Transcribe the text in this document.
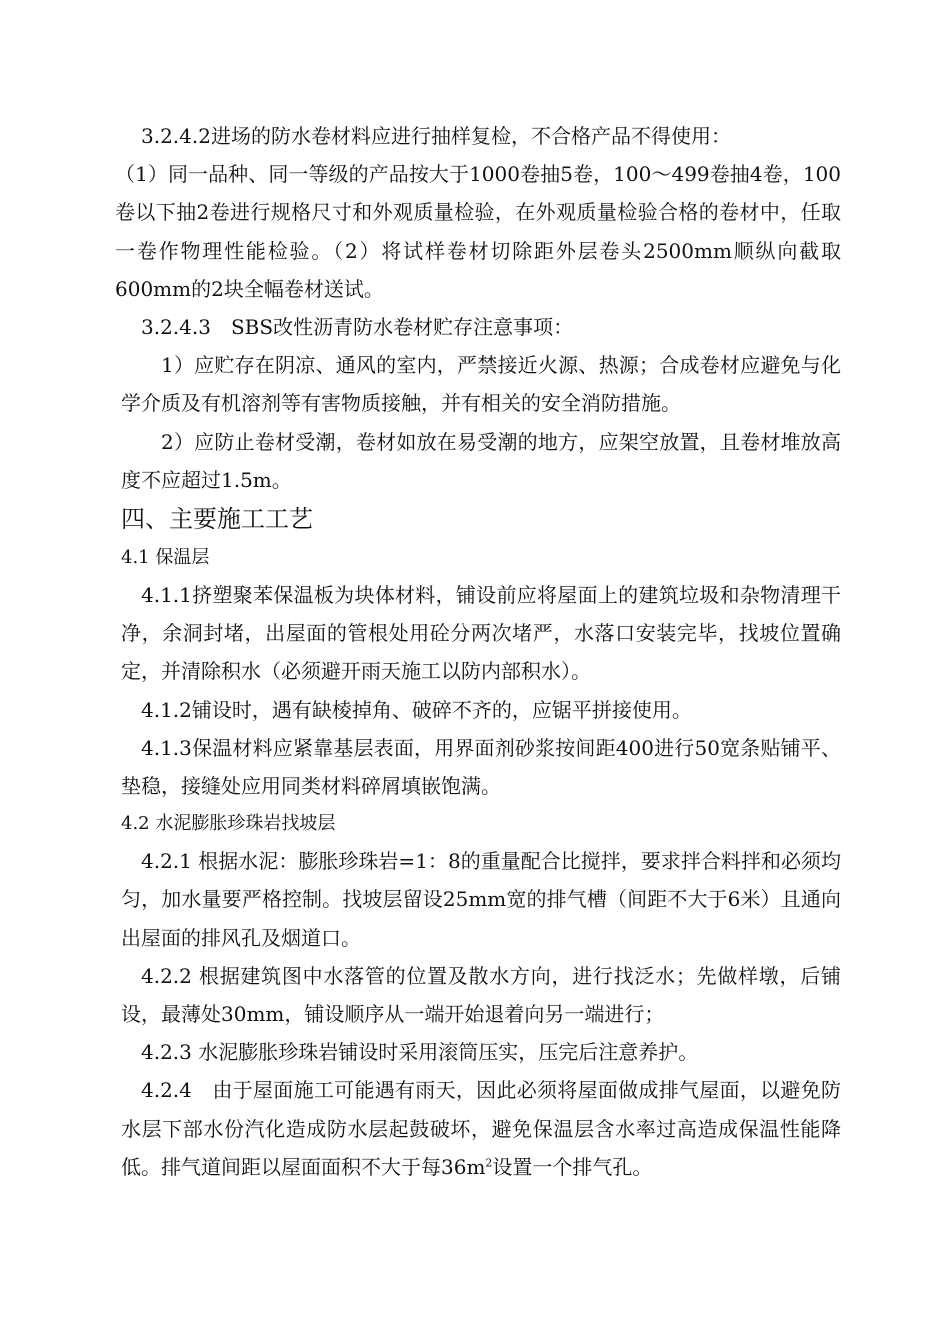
3.2.4.2进场的防水卷材料应进行抽样复检，不合格产品不得使用：

（1）同一品种、同一等级的产品按大于1000卷抽5卷，100～499卷抽4卷，100卷以下抽2卷进行规格尺寸和外观质量检验，在外观质量检验合格的卷材中，任取一卷作物理性能检验。（2）将试样卷材切除距外层卷头2500mm顺纵向截取600mm的2块全幅卷材送试。

3.2.4.3　SBS改性沥青防水卷材贮存注意事项：

1）应贮存在阴凉、通风的室内，严禁接近火源、热源；合成卷材应避免与化学介质及有机溶剂等有害物质接触，并有相关的安全消防措施。

2）应防止卷材受潮，卷材如放在易受潮的地方，应架空放置，且卷材堆放高度不应超过1.5m。

四、主要施工工艺

4.1 保温层

4.1.1挤塑聚苯保温板为块体材料，铺设前应将屋面上的建筑垃圾和杂物清理干净，余洞封堵，出屋面的管根处用砼分两次堵严，水落口安装完毕，找坡位置确定，并清除积水（必须避开雨天施工以防内部积水）。

4.1.2铺设时，遇有缺棱掉角、破碎不齐的，应锯平拼接使用。

4.1.3保温材料应紧靠基层表面，用界面剂砂浆按间距400进行50宽条贴铺平、垫稳，接缝处应用同类材料碎屑填嵌饱满。

4.2 水泥膨胀珍珠岩找坡层

4.2.1 根据水泥：膨胀珍珠岩=1：8的重量配合比搅拌，要求拌合料拌和必须均匀，加水量要严格控制。找坡层留设25mm宽的排气槽（间距不大于6米）且通向出屋面的排风孔及烟道口。

4.2.2 根据建筑图中水落管的位置及散水方向，进行找泛水；先做样墩，后铺设，最薄处30mm，铺设顺序从一端开始退着向另一端进行；

4.2.3 水泥膨胀珍珠岩铺设时采用滚筒压实，压完后注意养护。

4.2.4　由于屋面施工可能遇有雨天，因此必须将屋面做成排气屋面，以避免防水层下部水份汽化造成防水层起鼓破坏，避免保温层含水率过高造成保温性能降低。排气道间距以屋面面积不大于每$36m^2$设置一个排气孔。
